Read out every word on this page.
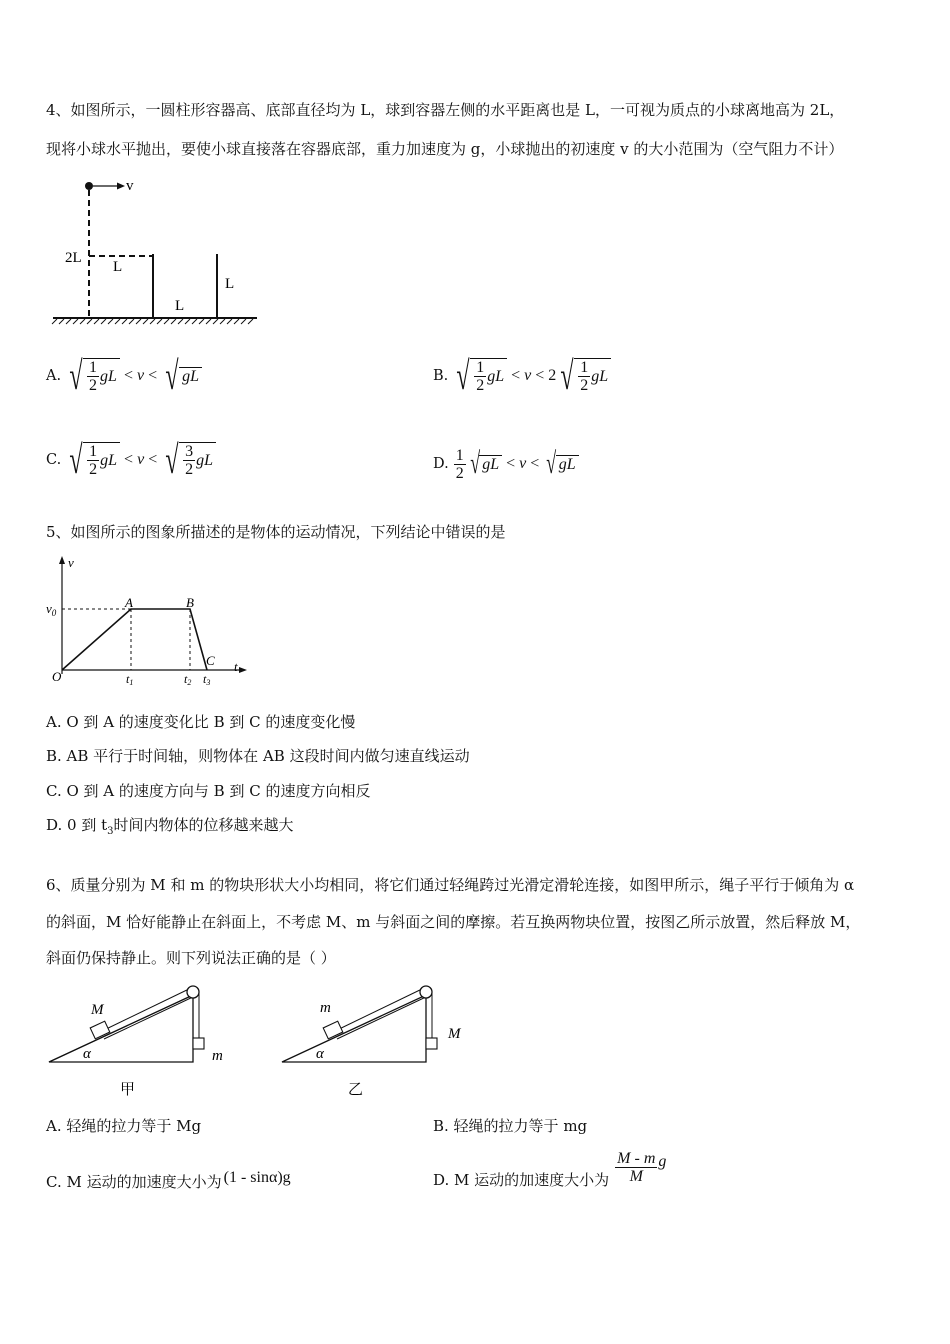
4、如图所示，一圆柱形容器高、底部直径均为 L，球到容器左侧的水平距离也是 L，一可视为质点的小球离地高为 2L，
现将小球水平抛出，要使小球直接落在容器底部，重力加速度为 g，小球抛出的初速度 v 的大小范围为（空气阻力不计）
v
2L
L
L
L
A. √ $\frac{1}{2}$ gL < v < √ gL	B. √ $\frac{1}{2}$ gL < v < 2 √ $\frac{1}{2}$ gL
C. √ $\frac{1}{2}$ gL < v < √ $\frac{3}{2}$ gL	D. $\frac{1}{2}$ √ gL < v < √ gL
5、如图所示的图象所描述的是物体的运动情况，下列结论中错误的是
v
t
$v_0$
A	B
C
O	t1	t2 t3
A. O 到 A 的速度变化比 B 到 C 的速度变化慢
B. AB 平行于时间轴，则物体在 AB 这段时间内做匀速直线运动
C. O 到 A 的速度方向与 B 到 C 的速度方向相反
D. 0 到 $t_3$时间内物体的位移越来越大
6、质量分别为 M 和 m 的物块形状大小均相同，将它们通过轻绳跨过光滑定滑轮连接，如图甲所示，绳子平行于倾角为 α
的斜面，M 恰好能静止在斜面上，不考虑 M、m 与斜面之间的摩擦。若互换两物块位置，按图乙所示放置，然后释放 M，
斜面仍保持静止。则下列说法正确的是（ ）
M
m
α
甲
m
M
α
乙
A. 轻绳的拉力等于 Mg	B. 轻绳的拉力等于 mg
C. M 运动的加速度大小为 (1 - sinα)g	D. M 运动的加速度大小为 $\frac{M - m}{M}$ g
